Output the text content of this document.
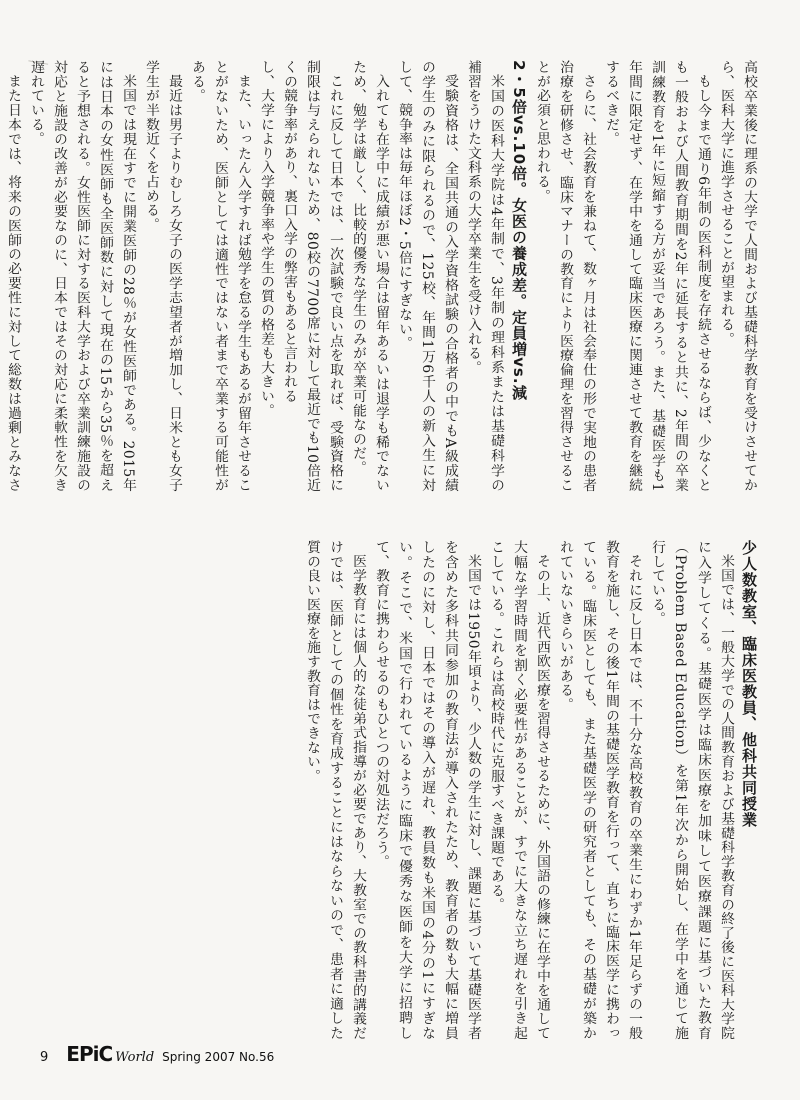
高校卒業後に理系の大学で人間および基礎科学教育を受けさせてから、医科大学に進学させることが望まれる。

もし今まで通り6年制の医科制度を存続させるならば、少なくとも一般および人間教育期間を2年に延長すると共に、2年間の卒業訓練教育を1年に短縮する方が妥当であろう。また、基礎医学も1年間に限定せず、在学中を通して臨床医療に関連させて教育を継続するべきだ。

さらに、社会教育を兼ねて、数ヶ月は社会奉仕の形で実地の患者治療を研修させ、臨床マナーの教育により医療倫理を習得させることが必須と思われる。

2・5倍vs.10倍。女医の養成差。定員増vs.減

米国の医科大学院は4年制で、3年制の理科系または基礎科学の補習をうけた文科系の大学卒業生を受け入れる。

受験資格は、全国共通の入学資格試験の合格者の中でもA級成績の学生のみに限られるので、125校、年間1万6千人の新入生に対して、競争率は毎年ほぼ2・5倍にすぎない。

入れても在学中に成績が悪い場合は留年あるいは退学も稀でないため、勉学は厳しく、比較的優秀な学生のみが卒業可能なのだ。

これに反して日本では、一次試験で良い点を取れば、受験資格に制限は与えられないため、80校の7700席に対して最近でも10倍近くの競争率があり、裏口入学の弊害もあると言われる

し、大学により入学競争率や学生の質の格差も大きい。

また、いったん入学すれば勉学を怠る学生もあるが留年させることがないため、医師としては適性ではない者まで卒業する可能性がある。

最近は男子よりむしろ女子の医学志望者が増加し、日米とも女子学生が半数近くを占める。

米国では現在すでに開業医師の28％が女性医師である。2015年には日本の女性医師も全医師数に対して現在の15から35％を超えると予想される。女性医師に対する医科大学および卒業訓練施設の対応と施設の改善が必要なのに、日本ではその対応に柔軟性を欠き遅れている。

また日本では、将来の医師の必要性に対して総数は過剰とみなさ

少人数教室、臨床医教員、他科共同授業

米国では、一般大学での人間教育および基礎科学教育の終了後に医科大学院に入学してくる。基礎医学は臨床医療を加味して医療課題に基づいた教育（Problem Based Education）を第1年次から開始し、在学中を通じて施行している。

それに反し日本では、不十分な高校教育の卒業生にわずか1年足らずの一般教育を施し、その後1年間の基礎医学教育を行って、直ちに臨床医学に携わっている。臨床医としても、また基礎医学の研究者としても、その基礎が築かれていないきらいがある。

その上、近代西欧医療を習得させるために、外国語の修練に在学中を通して大幅な学習時間を割く必要性があることが、すでに大きな立ち遅れを引き起こしている。これらは高校時代に克服すべき課題である。

米国では1950年頃より、少人数の学生に対し、課題に基づいて基礎医学者を含めた多科共同参加の教育法が導入されたため、教育者の数も大幅に増員したのに対し、日本ではその導入が遅れ、教員数も米国の4分の1にすぎない。そこで、米国で行われているように臨床で優秀な医師を大学に招聘して、教育に携わらせるのもひとつの対処法だろう。

医学教育には個人的な徒弟式指導が必要であり、大教室での教科書的講義だけでは、医師としての個性を育成することにはならないので、患者に適した質の良い医療を施す教育はできない。

9 EPiC World Spring 2007 No.56
